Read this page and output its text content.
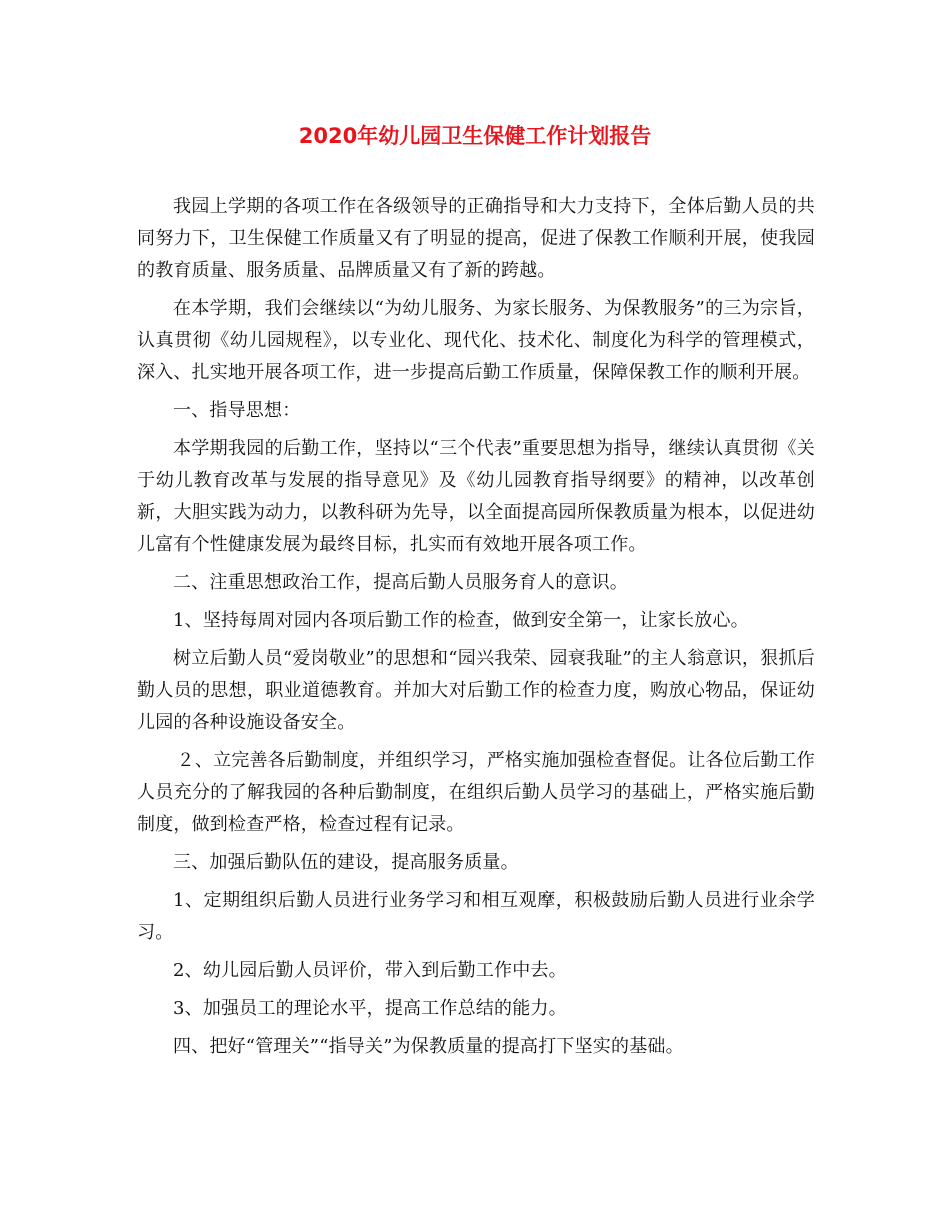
2020年幼儿园卫生保健工作计划报告

我园上学期的各项工作在各级领导的正确指导和大力支持下，全体后勤人员的共同努力下，卫生保健工作质量又有了明显的提高，促进了保教工作顺利开展，使我园的教育质量、服务质量、品牌质量又有了新的跨越。

在本学期，我们会继续以“为幼儿服务、为家长服务、为保教服务”的三为宗旨，认真贯彻《幼儿园规程》，以专业化、现代化、技术化、制度化为科学的管理模式，深入、扎实地开展各项工作，进一步提高后勤工作质量，保障保教工作的顺利开展。

一、指导思想：

本学期我园的后勤工作，坚持以“三个代表”重要思想为指导，继续认真贯彻《关于幼儿教育改革与发展的指导意见》及《幼儿园教育指导纲要》的精神，以改革创新，大胆实践为动力，以教科研为先导，以全面提高园所保教质量为根本，以促进幼儿富有个性健康发展为最终目标，扎实而有效地开展各项工作。

二、注重思想政治工作，提高后勤人员服务育人的意识。

1、坚持每周对园内各项后勤工作的检查，做到安全第一，让家长放心。

树立后勤人员“爱岗敬业”的思想和“园兴我荣、园衰我耻”的主人翁意识，狠抓后勤人员的思想，职业道德教育。并加大对后勤工作的检查力度，购放心物品，保证幼儿园的各种设施设备安全。

２、立完善各后勤制度，并组织学习，严格实施加强检查督促。让各位后勤工作人员充分的了解我园的各种后勤制度，在组织后勤人员学习的基础上，严格实施后勤制度，做到检查严格，检查过程有记录。

三、加强后勤队伍的建设，提高服务质量。

1、定期组织后勤人员进行业务学习和相互观摩，积极鼓励后勤人员进行业余学习。

2、幼儿园后勤人员评价，带入到后勤工作中去。

3、加强员工的理论水平，提高工作总结的能力。

四、把好“管理关”“指导关”为保教质量的提高打下坚实的基础。
